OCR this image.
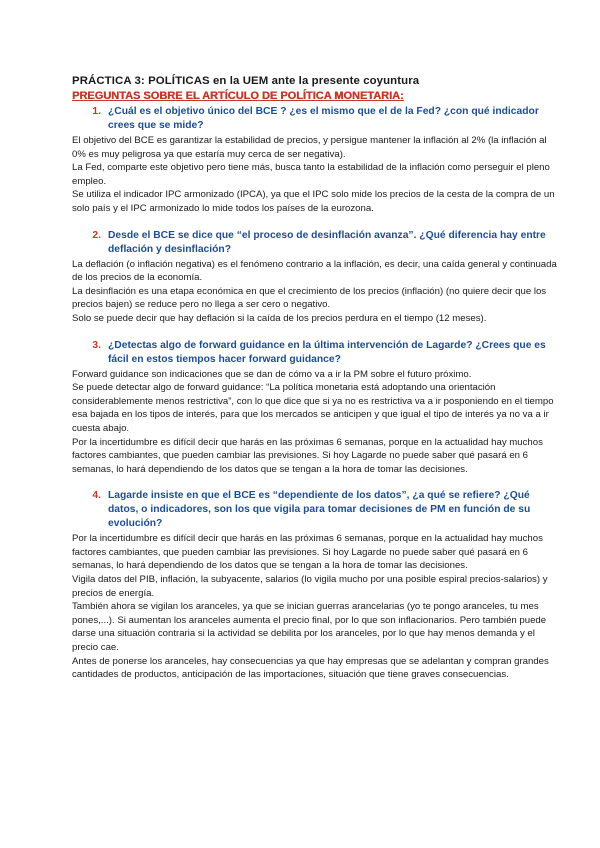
PRÁCTICA 3: POLÍTICAS en la UEM ante la presente coyuntura
PREGUNTAS SOBRE EL ARTÍCULO DE POLÍTICA MONETARIA:
1. ¿Cuál es el objetivo único del BCE ? ¿es el mismo que el de la Fed? ¿con qué indicador crees que se mide?

El objetivo del BCE es garantizar la estabilidad de precios, y persigue mantener la inflación al 2% (la inflación al 0% es muy peligrosa ya que estaría muy cerca de ser negativa).

La Fed, comparte este objetivo pero tiene más, busca tanto la estabilidad de la inflación como perseguir el pleno empleo.

Se utiliza el indicador IPC armonizado (IPCA), ya que el IPC solo mide los precios de la cesta de la compra de un solo país y el IPC armonizado lo mide todos los países de la eurozona.

2. Desde el BCE se dice que “el proceso de desinflación avanza”. ¿Qué diferencia hay entre deflación y desinflación?

La deflación (o inflación negativa) es el fenómeno contrario a la inflación, es decir, una caída general y continuada de los precios de la economía.

La desinflación es una etapa económica en que el crecimiento de los precios (inflación) (no quiere decir que los precios bajen) se reduce pero no llega a ser cero o negativo.

Solo se puede decir que hay deflación si la caída de los precios perdura en el tiempo (12 meses).

3. ¿Detectas algo de forward guidance en la última intervención de Lagarde? ¿Crees que es fácil en estos tiempos hacer forward guidance?

Forward guidance son indicaciones que se dan de cómo va a ir la PM sobre el futuro próximo.

Se puede detectar algo de forward guidance: “La política monetaria está adoptando una orientación considerablemente menos restrictiva”, con lo que dice que si ya no es restrictiva va a ir posponiendo en el tiempo esa bajada en los tipos de interés, para que los mercados se anticipen y que igual el tipo de interés ya no va a ir cuesta abajo.

Por la incertidumbre es difícil decir que harás en las próximas 6 semanas, porque en la actualidad hay muchos factores cambiantes, que pueden cambiar las previsiones. Si hoy Lagarde no puede saber qué pasará en 6 semanas, lo hará dependiendo de los datos que se tengan a la hora de tomar las decisiones.

4. Lagarde insiste en que el BCE es “dependiente de los datos”, ¿a qué se refiere? ¿Qué datos, o indicadores, son los que vigila para tomar decisiones de PM en función de su evolución?

Por la incertidumbre es difícil decir que harás en las próximas 6 semanas, porque en la actualidad hay muchos factores cambiantes, que pueden cambiar las previsiones. Si hoy Lagarde no puede saber qué pasará en 6 semanas, lo hará dependiendo de los datos que se tengan a la hora de tomar las decisiones.

Vigila datos del PIB, inflación, la subyacente, salarios (lo vigila mucho por una posible espiral precios-salarios) y precios de energía.

También ahora se vigilan los aranceles, ya que se inician guerras arancelarias (yo te pongo aranceles, tu mes pones,...). Si aumentan los aranceles aumenta el precio final, por lo que son inflacionarios. Pero también puede darse una situación contraria si la actividad se debilita por los aranceles, por lo que hay menos demanda y el precio cae.

Antes de ponerse los aranceles, hay consecuencias ya que hay empresas que se adelantan y compran grandes cantidades de productos, anticipación de las importaciones, situación que tiene graves consecuencias.
